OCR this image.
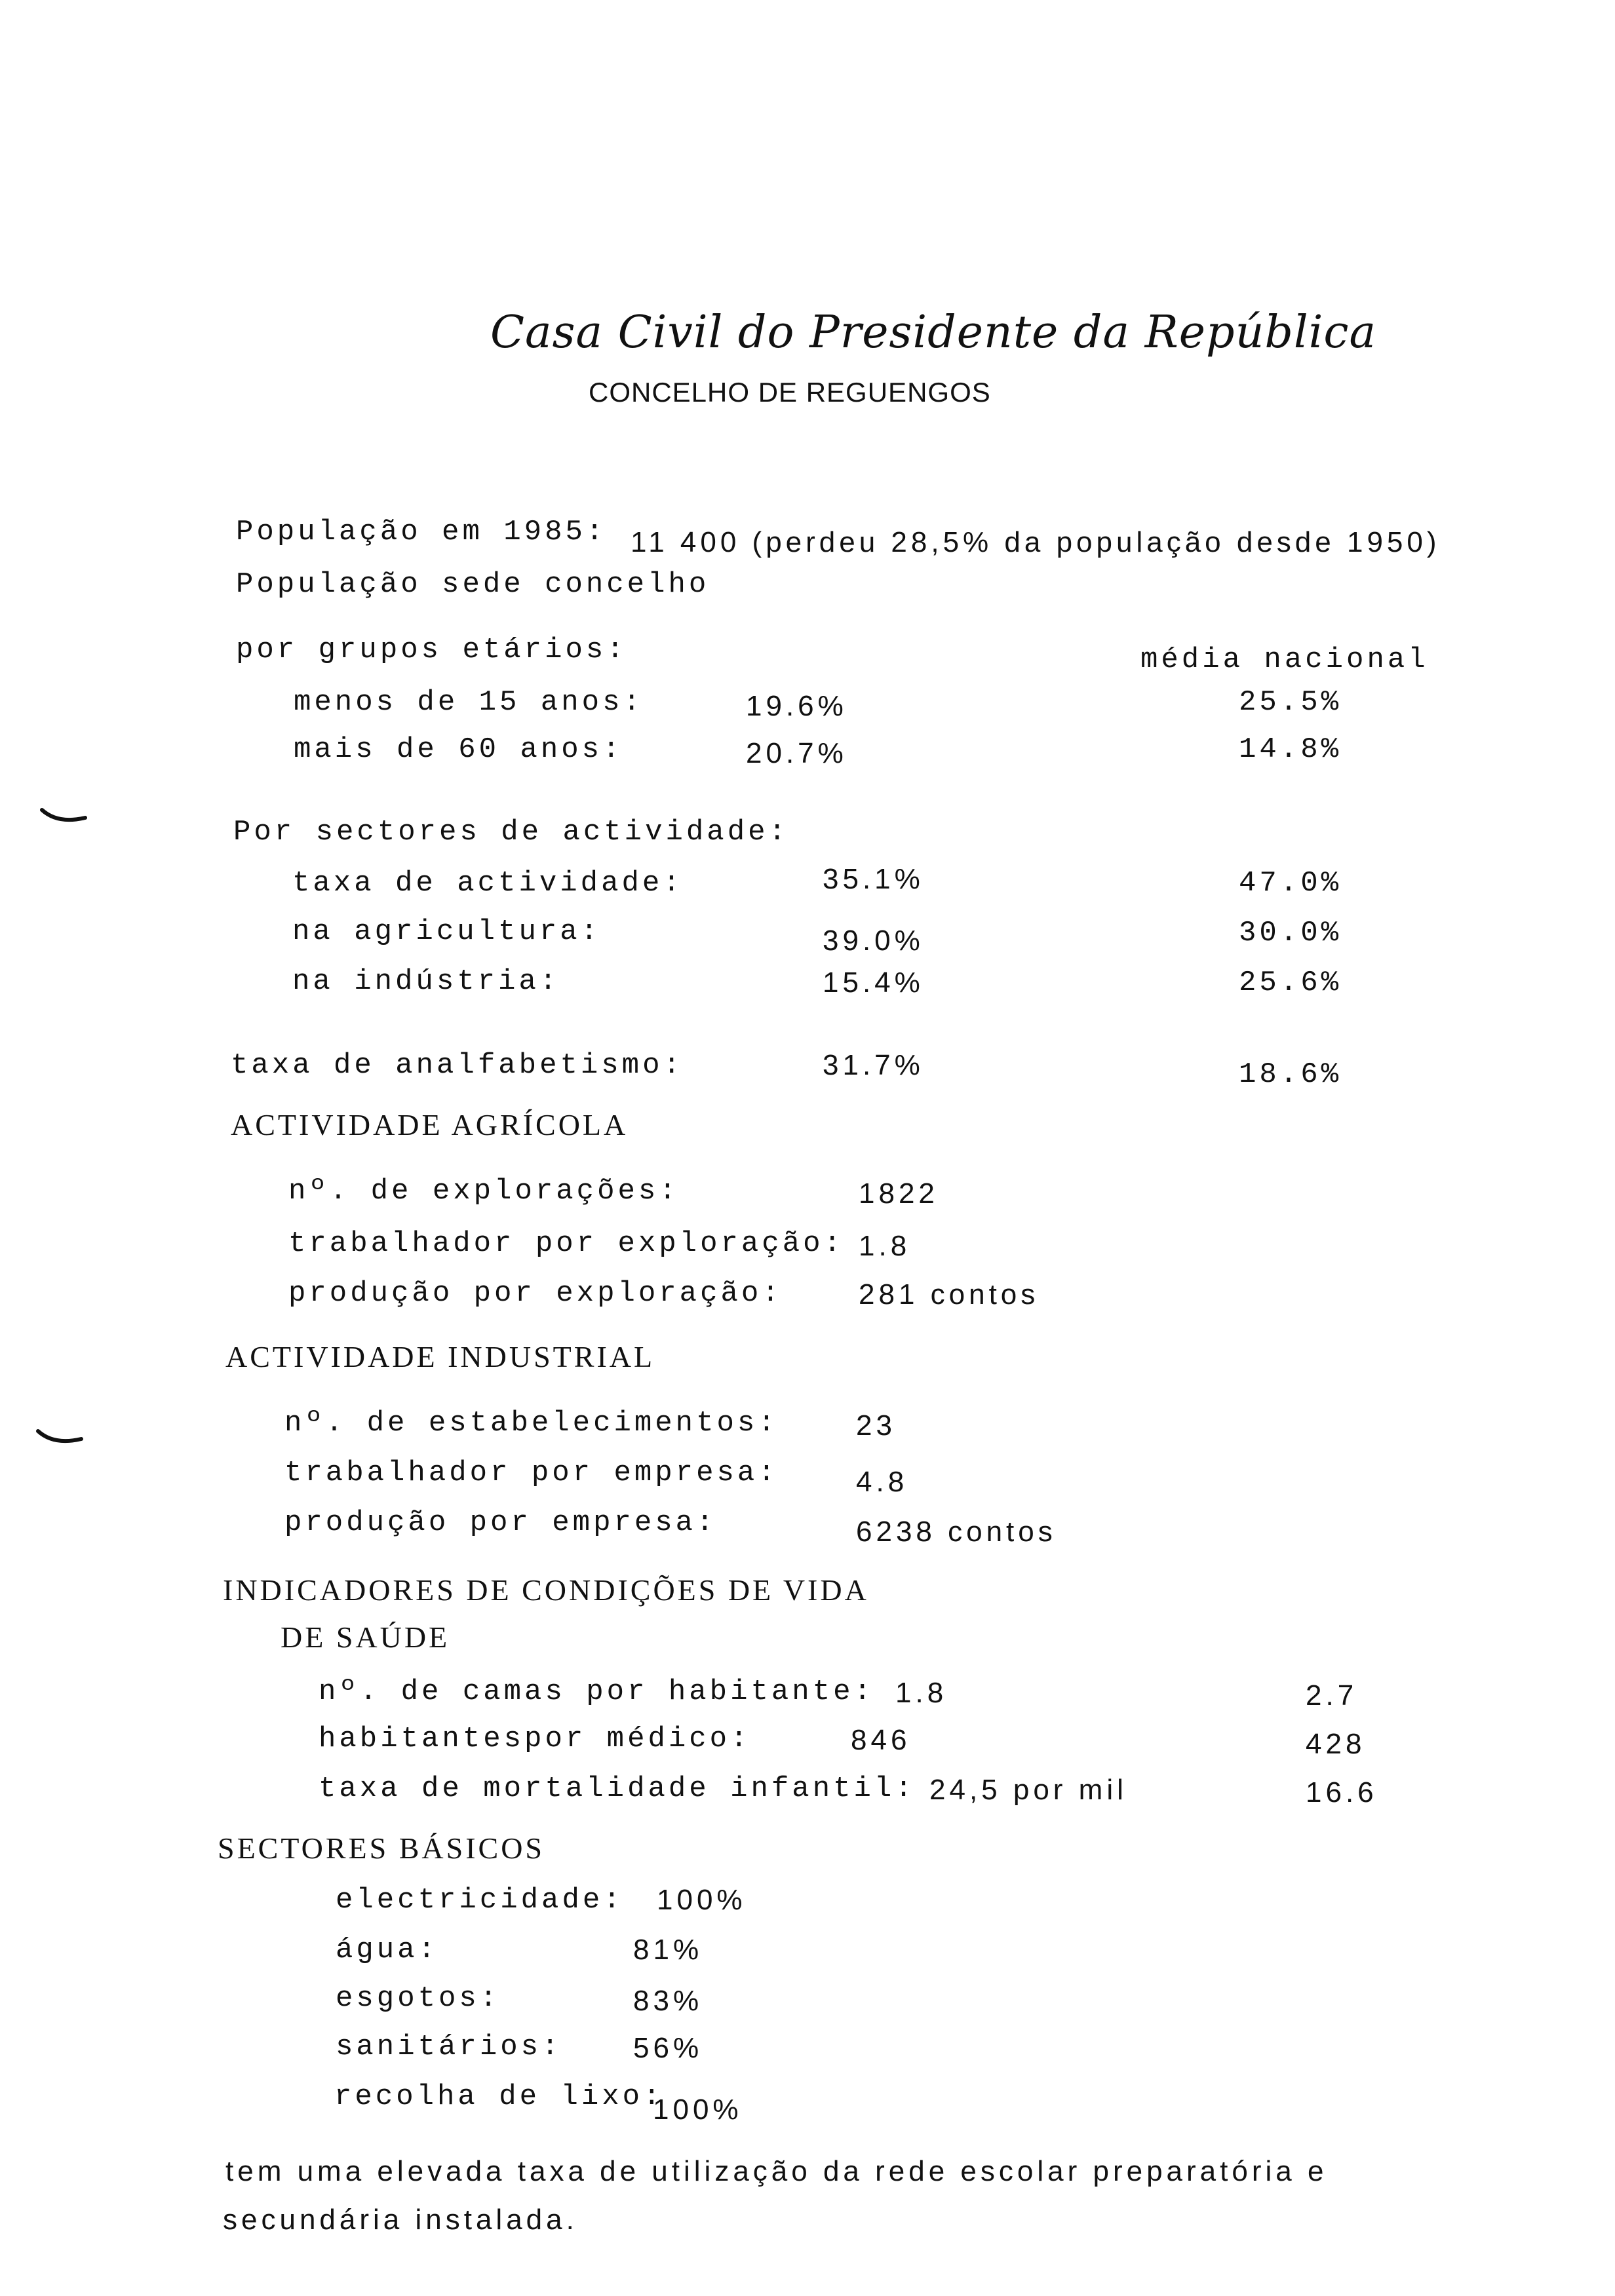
Casa Civil do Presidente da República
CONCELHO DE REGUENGOS
População em 1985: 11 400 (perdeu 28,5% da população desde 1950)
População sede concelho
por grupos etários:	média nacional
menos de 15 anos:	19.6%	25.5%
mais de 60 anos:	20.7%	14.8%
Por sectores de actividade:
taxa de actividade:	35.1%	47.0%
na agricultura:	39.0%	30.0%
na indústria:	15.4%	25.6%
taxa de analfabetismo:	31.7%	18.6%
ACTIVIDADE AGRÍCOLA
nº. de explorações:	1822
trabalhador por exploração: 1.8
produção por exploração:	281 contos
ACTIVIDADE INDUSTRIAL
nº. de estabelecimentos:	23
trabalhador por empresa:	4.8
produção por empresa:	6238 contos
INDICADORES DE CONDIÇÕES DE VIDA
DE SAÚDE
nº. de camas por habitante: 1.8	2.7
habitantespor médico:	846	428
taxa de mortalidade infantil: 24,5 por mil	16.6
SECTORES BÁSICOS
electricidade: 100%
água:	81%
esgotos:	83%
sanitários: 56%
recolha de lixo:
100%
tem uma elevada taxa de utilização da rede escolar preparatória e
secundária instalada.
